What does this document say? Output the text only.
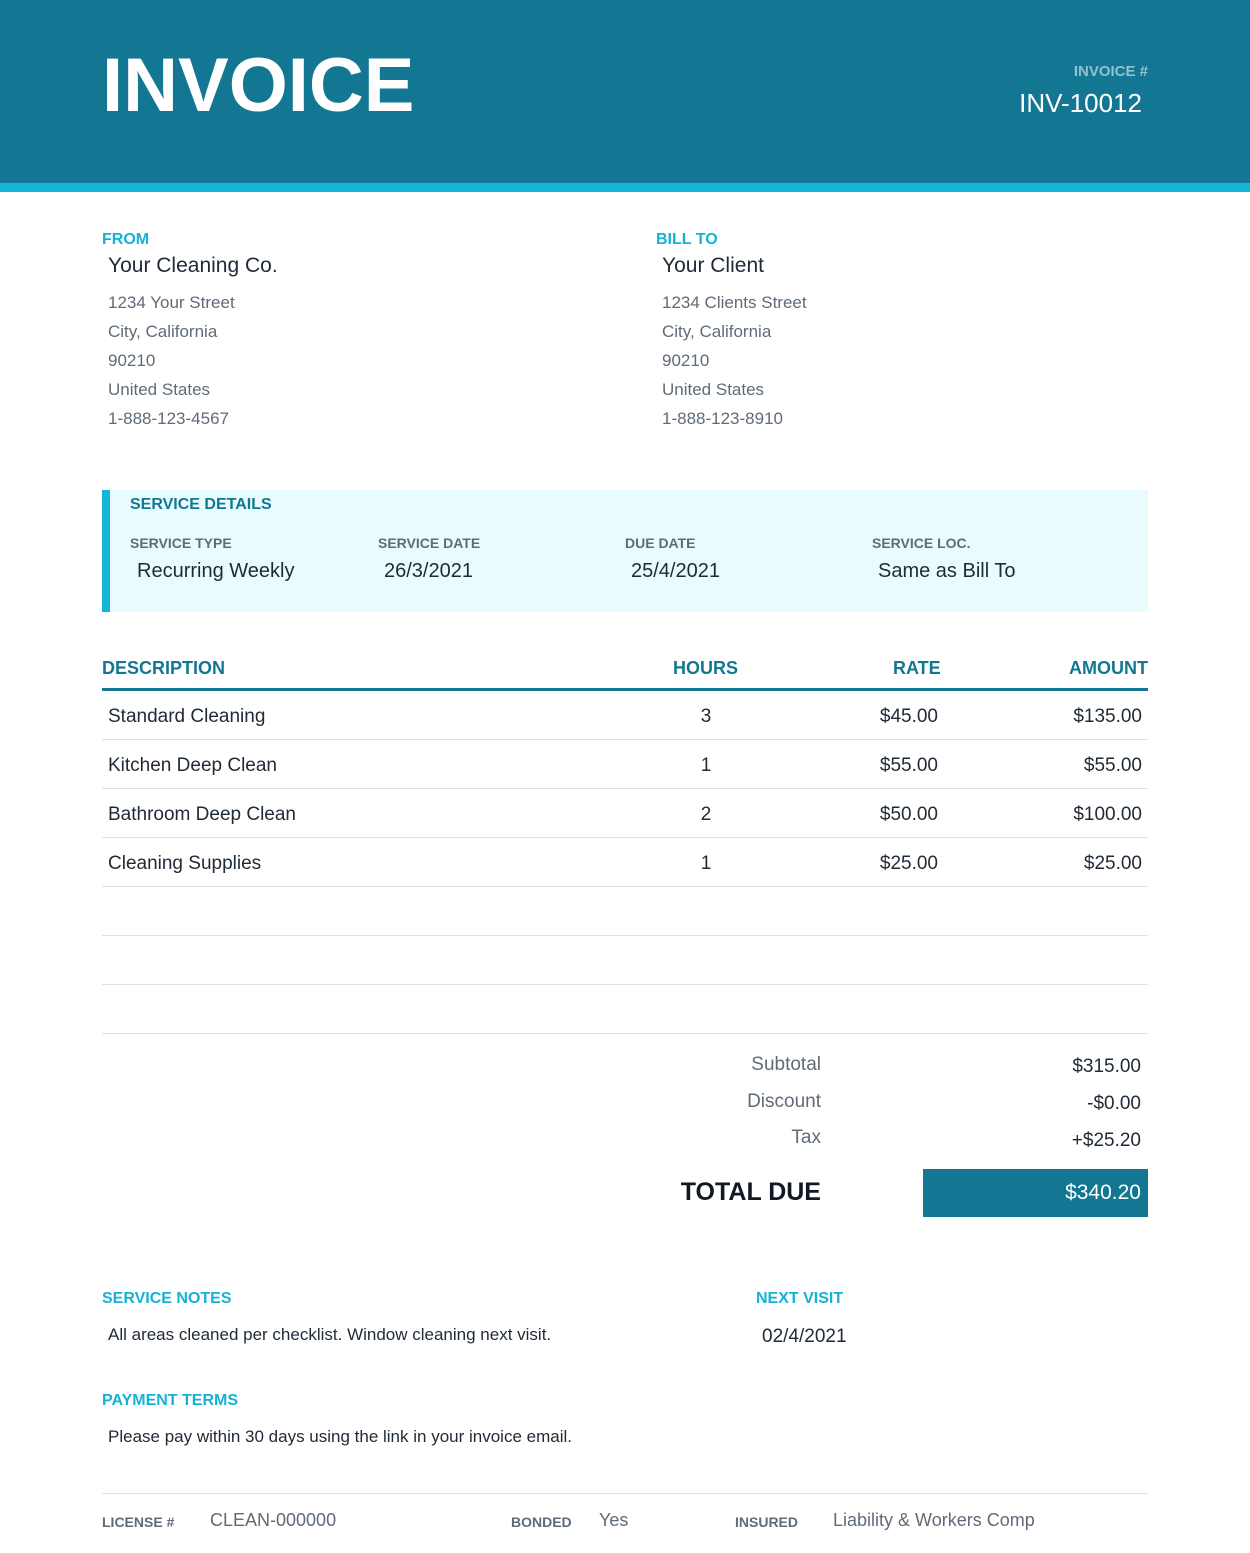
INVOICE	INVOICE #
INV-10012
FROM
Your Cleaning Co.
1234 Your Street
City, California
90210
United States
1-888-123-4567
BILL TO
Your Client
1234 Clients Street
City, California
90210
United States
1-888-123-8910
SERVICE DETAILS
SERVICE TYPE
Recurring Weekly
SERVICE DATE
26/3/2021
DUE DATE
25/4/2021
SERVICE LOC.
Same as Bill To
DESCRIPTION	HOURS	RATE	AMOUNT
Standard Cleaning	3	$45.00	$135.00
Kitchen Deep Clean	1	$55.00	$55.00
Bathroom Deep Clean	2	$50.00	$100.00
Cleaning Supplies	1	$25.00	$25.00
Subtotal	$315.00
Discount	-$0.00
Tax	+$25.20
TOTAL DUE	$340.20
SERVICE NOTES
All areas cleaned per checklist. Window cleaning next visit.
NEXT VISIT
02/4/2021
PAYMENT TERMS
Please pay within 30 days using the link in your invoice email.
LICENSE # CLEAN-000000	BONDED Yes	INSURED Liability & Workers Comp
